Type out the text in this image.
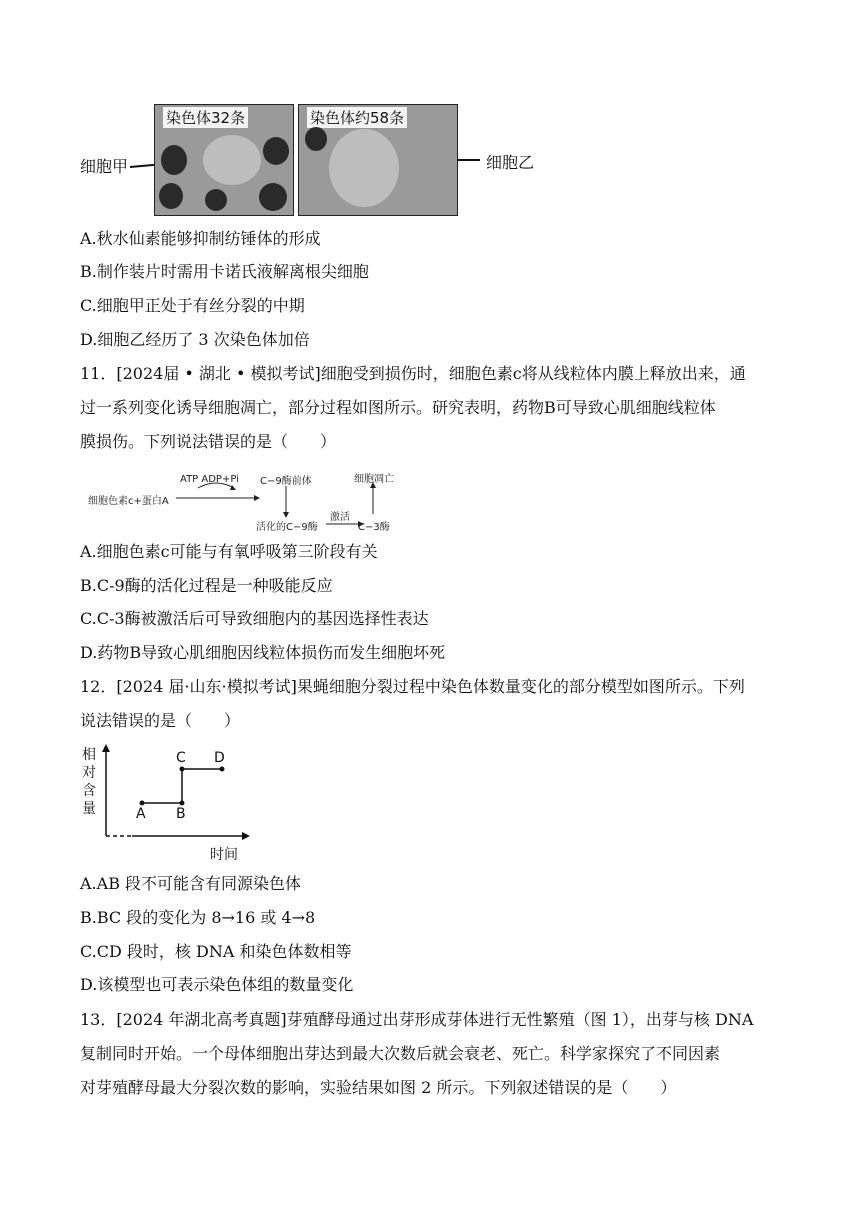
细胞甲
染色体32条	染色体约58条
细胞乙
A.秋水仙素能够抑制纺锤体的形成
B.制作装片时需用卡诺氏液解离根尖细胞
C.细胞甲正处于有丝分裂的中期
D.细胞乙经历了 3 次染色体加倍
11．[2024届 • 湖北 • 模拟考试]细胞受到损伤时，细胞色素c将从线粒体内膜上释放出来，通
过一系列变化诱导细胞凋亡，部分过程如图所示。研究表明，药物B可导致心肌细胞线粒体
膜损伤。下列说法错误的是（　　）
细胞色素c+蛋白A
ATP ADP+Pi C−9酶前体
活化的C−9酶
激活
C−3酶
细胞凋亡
A.细胞色素c可能与有氧呼吸第三阶段有关
B.C-9酶的活化过程是一种吸能反应
C.C-3酶被激活后可导致细胞内的基因选择性表达
D.药物B导致心肌细胞因线粒体损伤而发生细胞坏死
12．[2024 届·山东·模拟考试]果蝇细胞分裂过程中染色体数量变化的部分模型如图所示。下列
说法错误的是（　　）
相
对
含
量	A B
C D
时间
A.AB 段不可能含有同源染色体
B.BC 段的变化为 8→16 或 4→8
C.CD 段时，核 DNA 和染色体数相等
D.该模型也可表示染色体组的数量变化
13．[2024 年湖北高考真题]芽殖酵母通过出芽形成芽体进行无性繁殖（图 1），出芽与核 DNA
复制同时开始。一个母体细胞出芽达到最大次数后就会衰老、死亡。科学家探究了不同因素
对芽殖酵母最大分裂次数的影响，实验结果如图 2 所示。下列叙述错误的是（　　）
